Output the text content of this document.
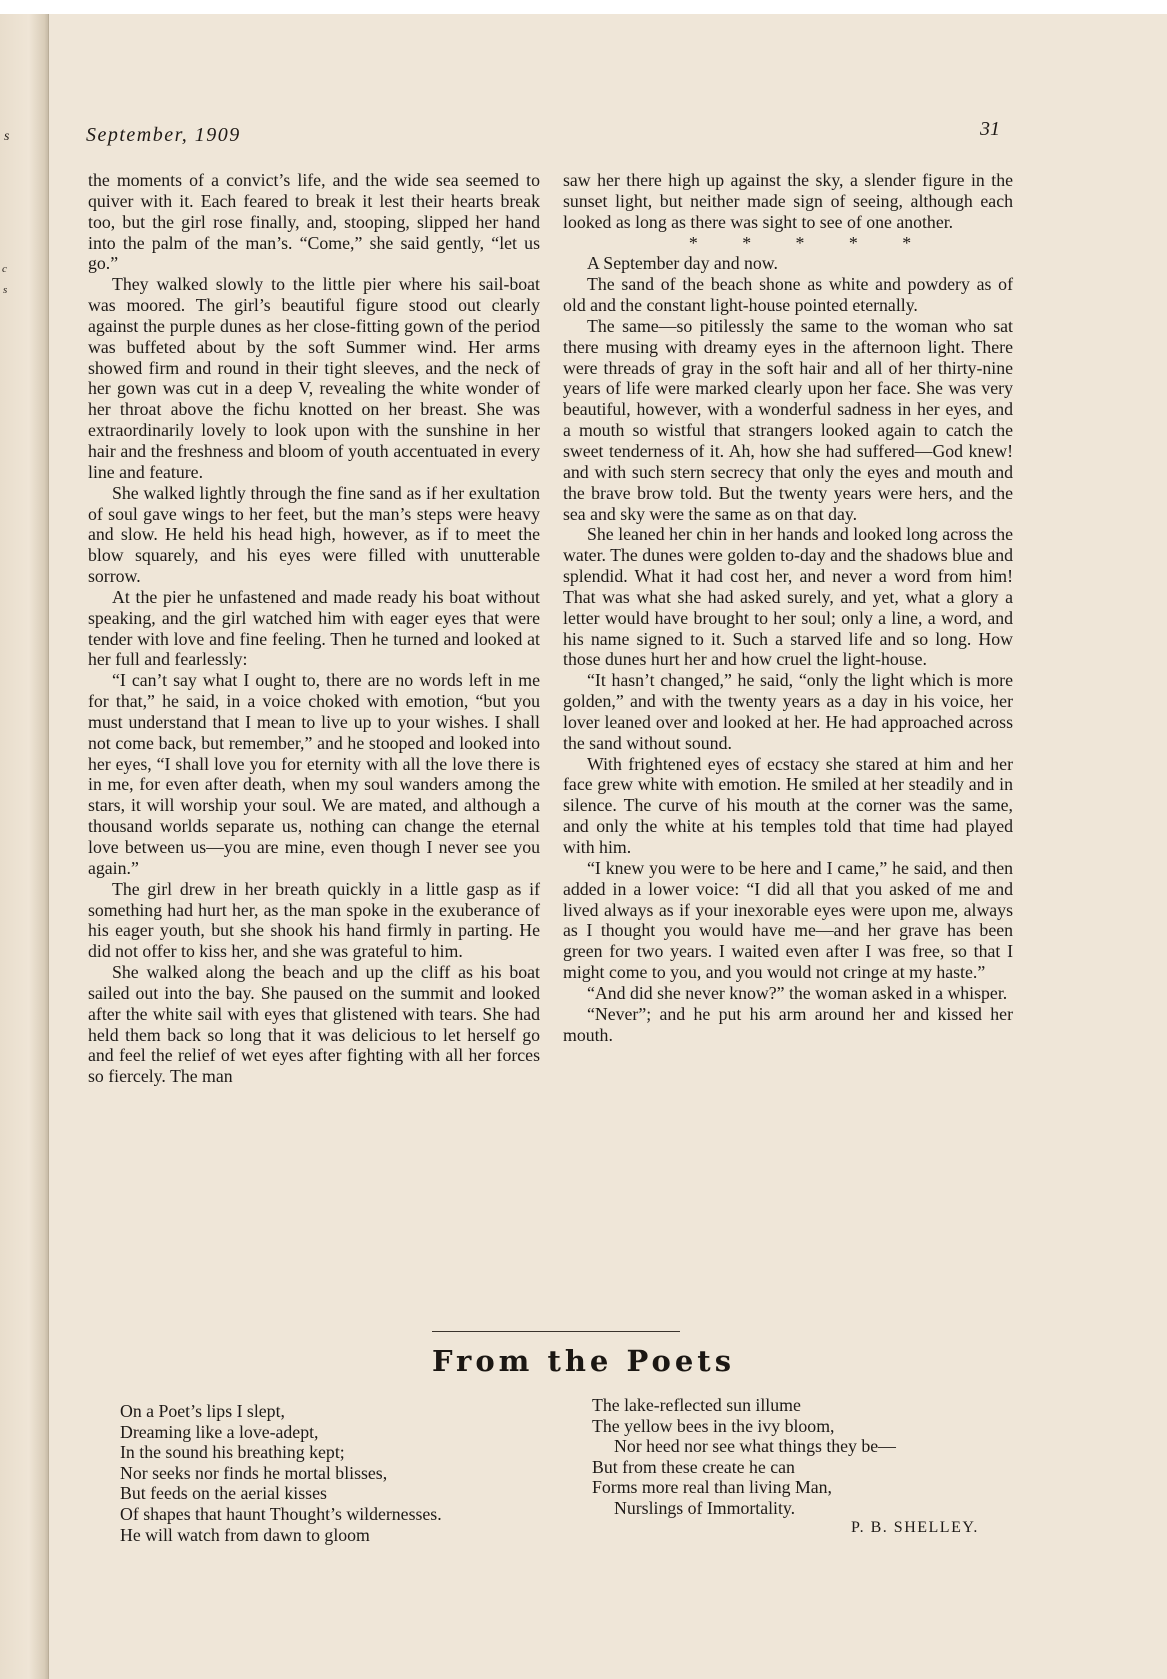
s
c
s
September, 1909	31

the moments of a convict’s life, and the wide sea seemed to quiver with it. Each feared to break it lest their hearts break too, but the girl rose finally, and, stooping, slipped her hand into the palm of the man’s. “Come,” she said gently, “let us go.”

They walked slowly to the little pier where his sail-boat was moored. The girl’s beautiful figure stood out clearly against the purple dunes as her close-fitting gown of the period was buffeted about by the soft Summer wind. Her arms showed firm and round in their tight sleeves, and the neck of her gown was cut in a deep V, revealing the white wonder of her throat above the fichu knotted on her breast. She was extraordinarily lovely to look upon with the sunshine in her hair and the freshness and bloom of youth accentuated in every line and feature.

She walked lightly through the fine sand as if her exultation of soul gave wings to her feet, but the man’s steps were heavy and slow. He held his head high, however, as if to meet the blow squarely, and his eyes were filled with unutterable sorrow.

At the pier he unfastened and made ready his boat without speaking, and the girl watched him with eager eyes that were tender with love and fine feeling. Then he turned and looked at her full and fearlessly:

“I can’t say what I ought to, there are no words left in me for that,” he said, in a voice choked with emotion, “but you must understand that I mean to live up to your wishes. I shall not come back, but remember,” and he stooped and looked into her eyes, “I shall love you for eternity with all the love there is in me, for even after death, when my soul wanders among the stars, it will worship your soul. We are mated, and although a thousand worlds separate us, nothing can change the eternal love between us—you are mine, even though I never see you again.”

The girl drew in her breath quickly in a little gasp as if something had hurt her, as the man spoke in the exuberance of his eager youth, but she shook his hand firmly in parting. He did not offer to kiss her, and she was grateful to him.

She walked along the beach and up the cliff as his boat sailed out into the bay. She paused on the summit and looked after the white sail with eyes that glistened with tears. She had held them back so long that it was delicious to let herself go and feel the relief of wet eyes after fighting with all her forces so fiercely. The man

saw her there high up against the sky, a slender figure in the sunset light, but neither made sign of seeing, although each looked as long as there was sight to see of one another.

* * * * *

A September day and now.

The sand of the beach shone as white and powdery as of old and the constant light-house pointed eternally.

The same—so pitilessly the same to the woman who sat there musing with dreamy eyes in the afternoon light. There were threads of gray in the soft hair and all of her thirty-nine years of life were marked clearly upon her face. She was very beautiful, however, with a wonderful sadness in her eyes, and a mouth so wistful that strangers looked again to catch the sweet tenderness of it. Ah, how she had suffered—God knew! and with such stern secrecy that only the eyes and mouth and the brave brow told. But the twenty years were hers, and the sea and sky were the same as on that day.

She leaned her chin in her hands and looked long across the water. The dunes were golden to-day and the shadows blue and splendid. What it had cost her, and never a word from him! That was what she had asked surely, and yet, what a glory a letter would have brought to her soul; only a line, a word, and his name signed to it. Such a starved life and so long. How those dunes hurt her and how cruel the light-house.

“It hasn’t changed,” he said, “only the light which is more golden,” and with the twenty years as a day in his voice, her lover leaned over and looked at her. He had approached across the sand without sound.

With frightened eyes of ecstacy she stared at him and her face grew white with emotion. He smiled at her steadily and in silence. The curve of his mouth at the corner was the same, and only the white at his temples told that time had played with him.

“I knew you were to be here and I came,” he said, and then added in a lower voice: “I did all that you asked of me and lived always as if your inexorable eyes were upon me, always as I thought you would have me—and her grave has been green for two years. I waited even after I was free, so that I might come to you, and you would not cringe at my haste.”

“And did she never know?” the woman asked in a whisper.

“Never”; and he put his arm around her and kissed her mouth.

From the Poets
On a Poet’s lips I slept,
Dreaming like a love-adept,
In the sound his breathing kept;
Nor seeks nor finds he mortal blisses,
But feeds on the aerial kisses
Of shapes that haunt Thought’s wildernesses.
He will watch from dawn to gloom
The lake-reflected sun illume
The yellow bees in the ivy bloom,
Nor heed nor see what things they be—
But from these create he can
Forms more real than living Man,
Nurslings of Immortality.
P. B. SHELLEY.
